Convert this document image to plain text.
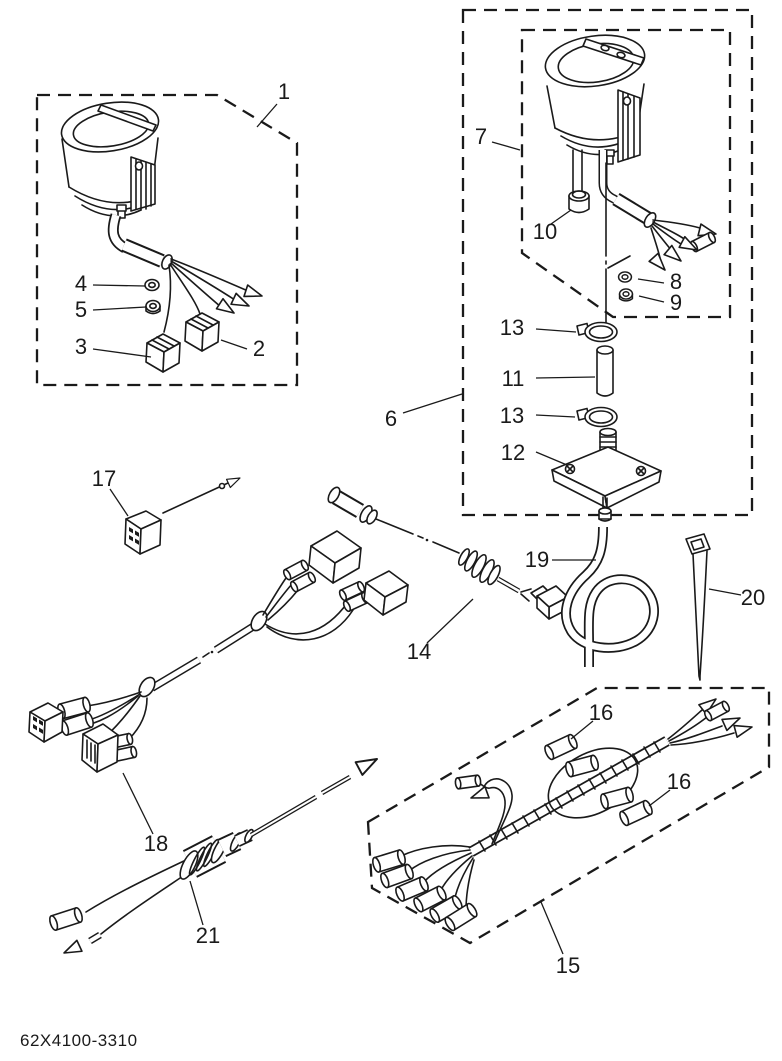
1
2
3
4
5
6
7
8
9
10
11
12
13
13
17
14
19
20
18
21
16
16
15
62X4100-3310
